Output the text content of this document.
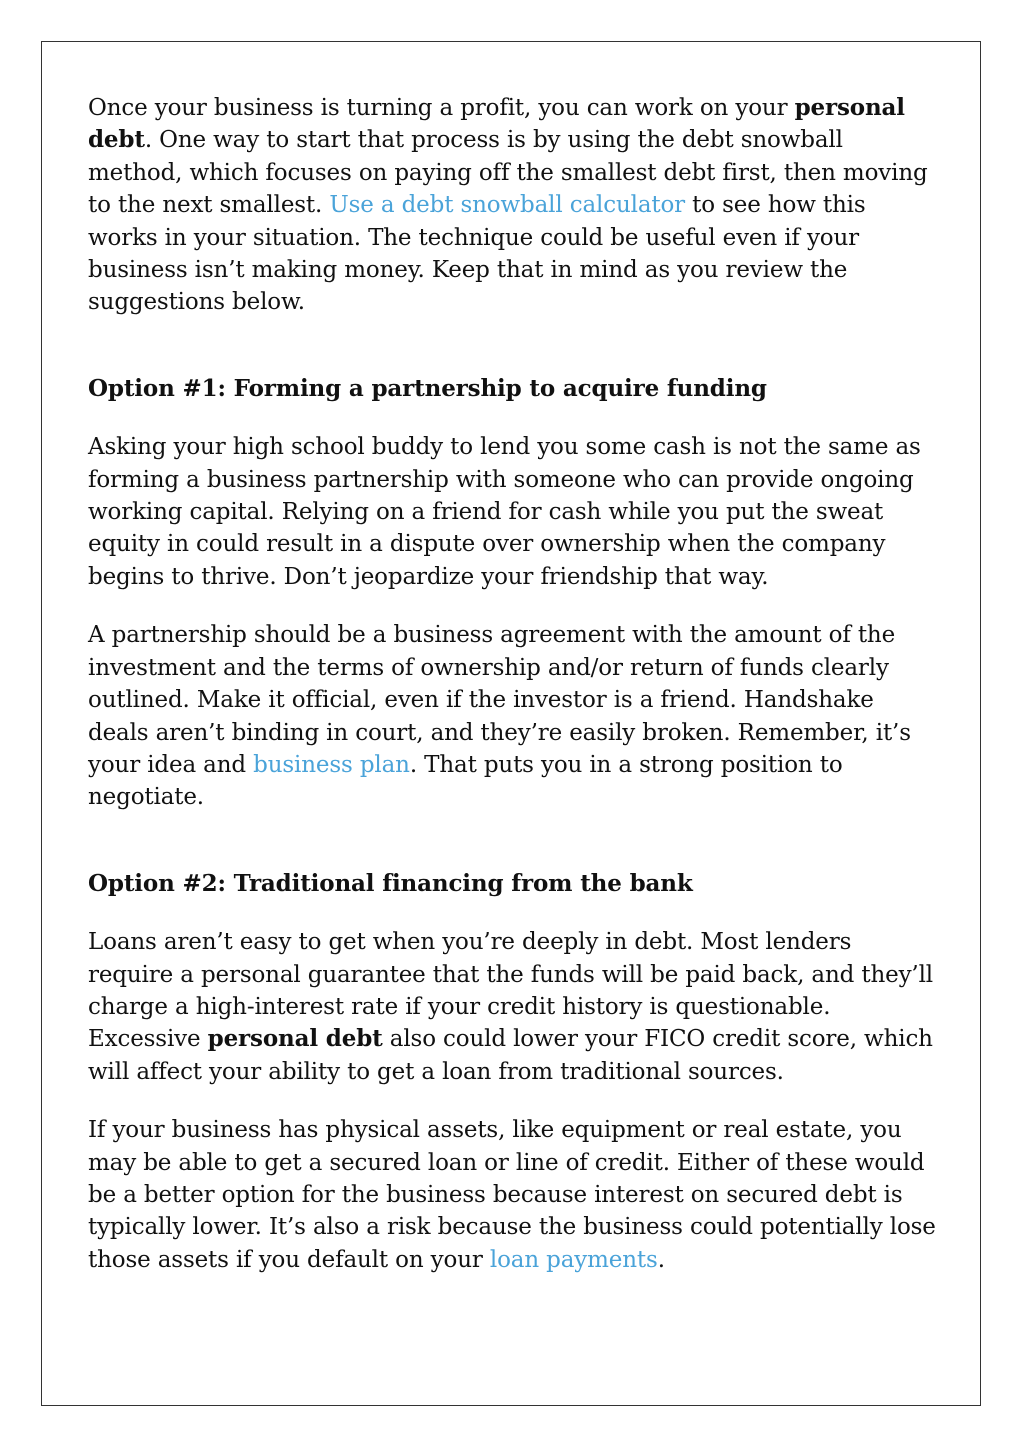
Once your business is turning a profit, you can work on your personal debt. One way to start that process is by using the debt snowball method, which focuses on paying off the smallest debt first, then moving to the next smallest. Use a debt snowball calculator to see how this works in your situation. The technique could be useful even if your business isn’t making money. Keep that in mind as you review the suggestions below.

Option #1: Forming a partnership to acquire funding

Asking your high school buddy to lend you some cash is not the same as forming a business partnership with someone who can provide ongoing working capital. Relying on a friend for cash while you put the sweat equity in could result in a dispute over ownership when the company begins to thrive. Don’t jeopardize your friendship that way.

A partnership should be a business agreement with the amount of the investment and the terms of ownership and/or return of funds clearly outlined. Make it official, even if the investor is a friend. Handshake deals aren’t binding in court, and they’re easily broken. Remember, it’s your idea and business plan. That puts you in a strong position to negotiate.

Option #2: Traditional financing from the bank

Loans aren’t easy to get when you’re deeply in debt. Most lenders require a personal guarantee that the funds will be paid back, and they’ll charge a high-interest rate if your credit history is questionable. Excessive personal debt also could lower your FICO credit score, which will affect your ability to get a loan from traditional sources.

If your business has physical assets, like equipment or real estate, you may be able to get a secured loan or line of credit. Either of these would be a better option for the business because interest on secured debt is typically lower. It’s also a risk because the business could potentially lose those assets if you default on your loan payments.
